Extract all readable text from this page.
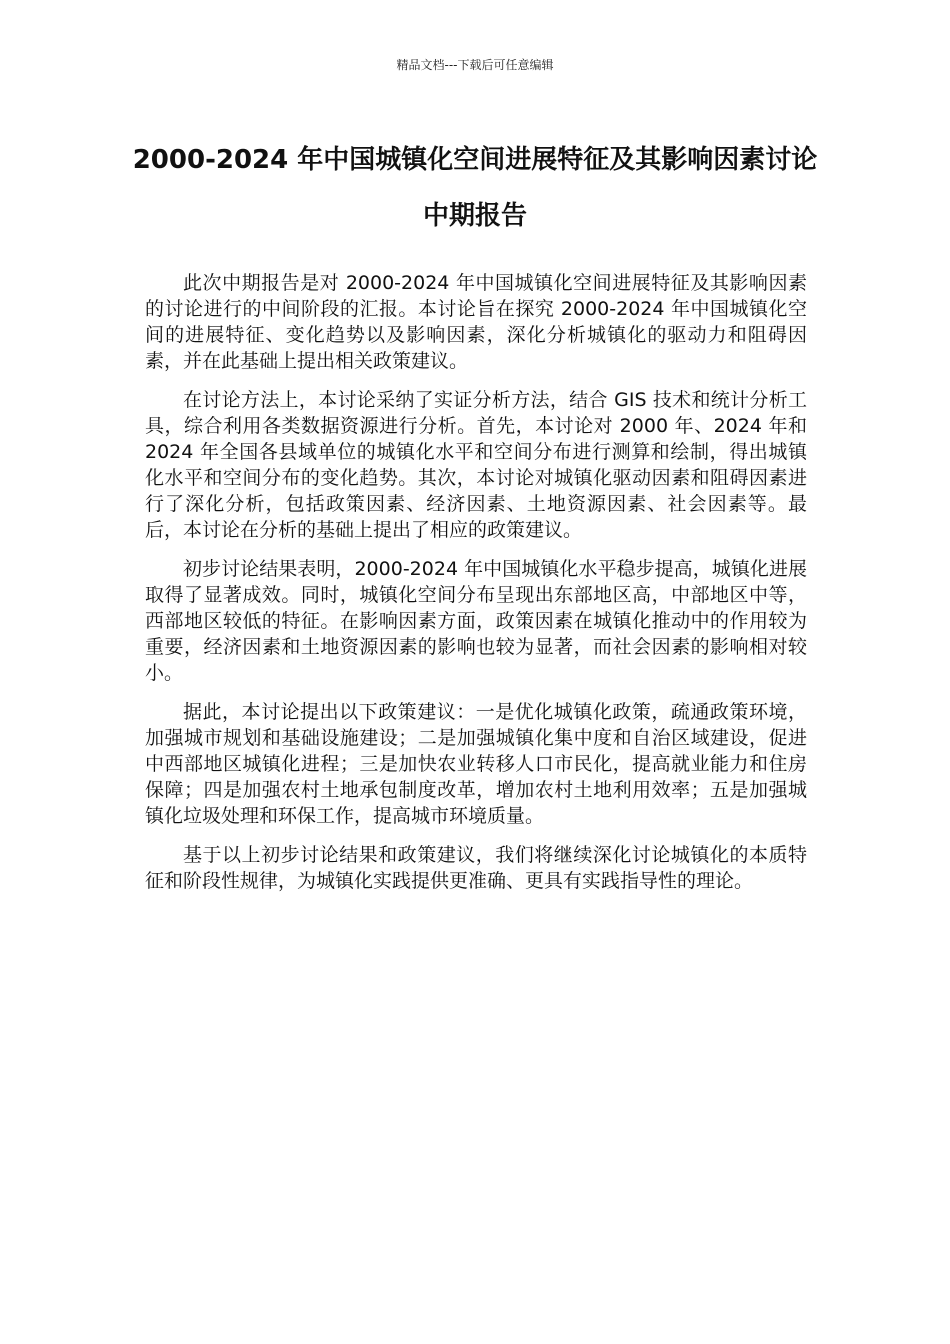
精品文档---下载后可任意编辑
2000-2024 年中国城镇化空间进展特征及其影响因素讨论中期报告

此次中期报告是对 2000-2024 年中国城镇化空间进展特征及其影响因素的讨论进行的中间阶段的汇报。本讨论旨在探究 2000-2024 年中国城镇化空间的进展特征、变化趋势以及影响因素，深化分析城镇化的驱动力和阻碍因素，并在此基础上提出相关政策建议。

在讨论方法上，本讨论采纳了实证分析方法，结合 GIS 技术和统计分析工具，综合利用各类数据资源进行分析。首先，本讨论对 2000 年、2024 年和 2024 年全国各县域单位的城镇化水平和空间分布进行测算和绘制，得出城镇化水平和空间分布的变化趋势。其次，本讨论对城镇化驱动因素和阻碍因素进行了深化分析，包括政策因素、经济因素、土地资源因素、社会因素等。最后，本讨论在分析的基础上提出了相应的政策建议。

初步讨论结果表明，2000-2024 年中国城镇化水平稳步提高，城镇化进展取得了显著成效。同时，城镇化空间分布呈现出东部地区高，中部地区中等，西部地区较低的特征。在影响因素方面，政策因素在城镇化推动中的作用较为重要，经济因素和土地资源因素的影响也较为显著，而社会因素的影响相对较小。

据此，本讨论提出以下政策建议：一是优化城镇化政策，疏通政策环境，加强城市规划和基础设施建设；二是加强城镇化集中度和自治区域建设，促进中西部地区城镇化进程；三是加快农业转移人口市民化，提高就业能力和住房保障；四是加强农村土地承包制度改革，增加农村土地利用效率；五是加强城镇化垃圾处理和环保工作，提高城市环境质量。

基于以上初步讨论结果和政策建议，我们将继续深化讨论城镇化的本质特征和阶段性规律，为城镇化实践提供更准确、更具有实践指导性的理论。
